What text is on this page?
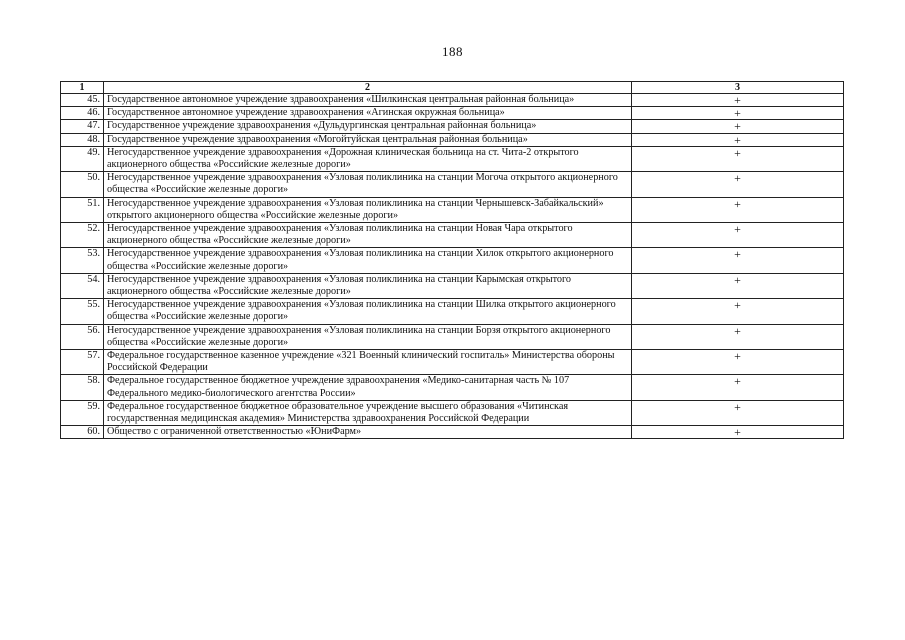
188
1	2	3
45.	Государственное автономное учреждение здравоохранения «Шилкинская центральная районная больница»	+
46.	Государственное автономное учреждение здравоохранения «Агинская окружная больница»	+
47.	Государственное учреждение здравоохранения «Дульдургинская центральная районная больница»	+
48.	Государственное учреждение здравоохранения «Могойтуйская центральная районная больница»	+
49.	Негосударственное учреждение здравоохранения «Дорожная клиническая больница на ст. Чита-2 открытого акционерного общества «Российские железные дороги»	+
50.	Негосударственное учреждение здравоохранения «Узловая поликлиника на станции Могоча открытого акционерного общества «Российские железные дороги»	+
51.	Негосударственное учреждение здравоохранения «Узловая поликлиника на станции Чернышевск-Забайкальский» открытого акционерного общества «Российские железные дороги»	+
52.	Негосударственное учреждение здравоохранения «Узловая поликлиника на станции Новая Чара открытого акционерного общества «Российские железные дороги»	+
53.	Негосударственное учреждение здравоохранения «Узловая поликлиника на станции Хилок открытого акционерного общества «Российские железные дороги»	+
54.	Негосударственное учреждение здравоохранения «Узловая поликлиника на станции Карымская открытого акционерного общества «Российские железные дороги»	+
55.	Негосударственное учреждение здравоохранения «Узловая поликлиника на станции Шилка открытого акционерного общества «Российские железные дороги»	+
56.	Негосударственное учреждение здравоохранения «Узловая поликлиника на станции Борзя открытого акционерного общества «Российские железные дороги»	+
57.	Федеральное государственное казенное учреждение «321 Военный клинический госпиталь» Министерства обороны Российской Федерации	+
58.	Федеральное государственное бюджетное учреждение здравоохранения «Медико-санитарная часть № 107 Федерального медико-биологического агентства России»	+
59.	Федеральное государственное бюджетное образовательное учреждение высшего образования «Читинская государственная медицинская академия» Министерства здравоохранения Российской Федерации	+
60.	Общество с ограниченной ответственностью «ЮниФарм»	+
